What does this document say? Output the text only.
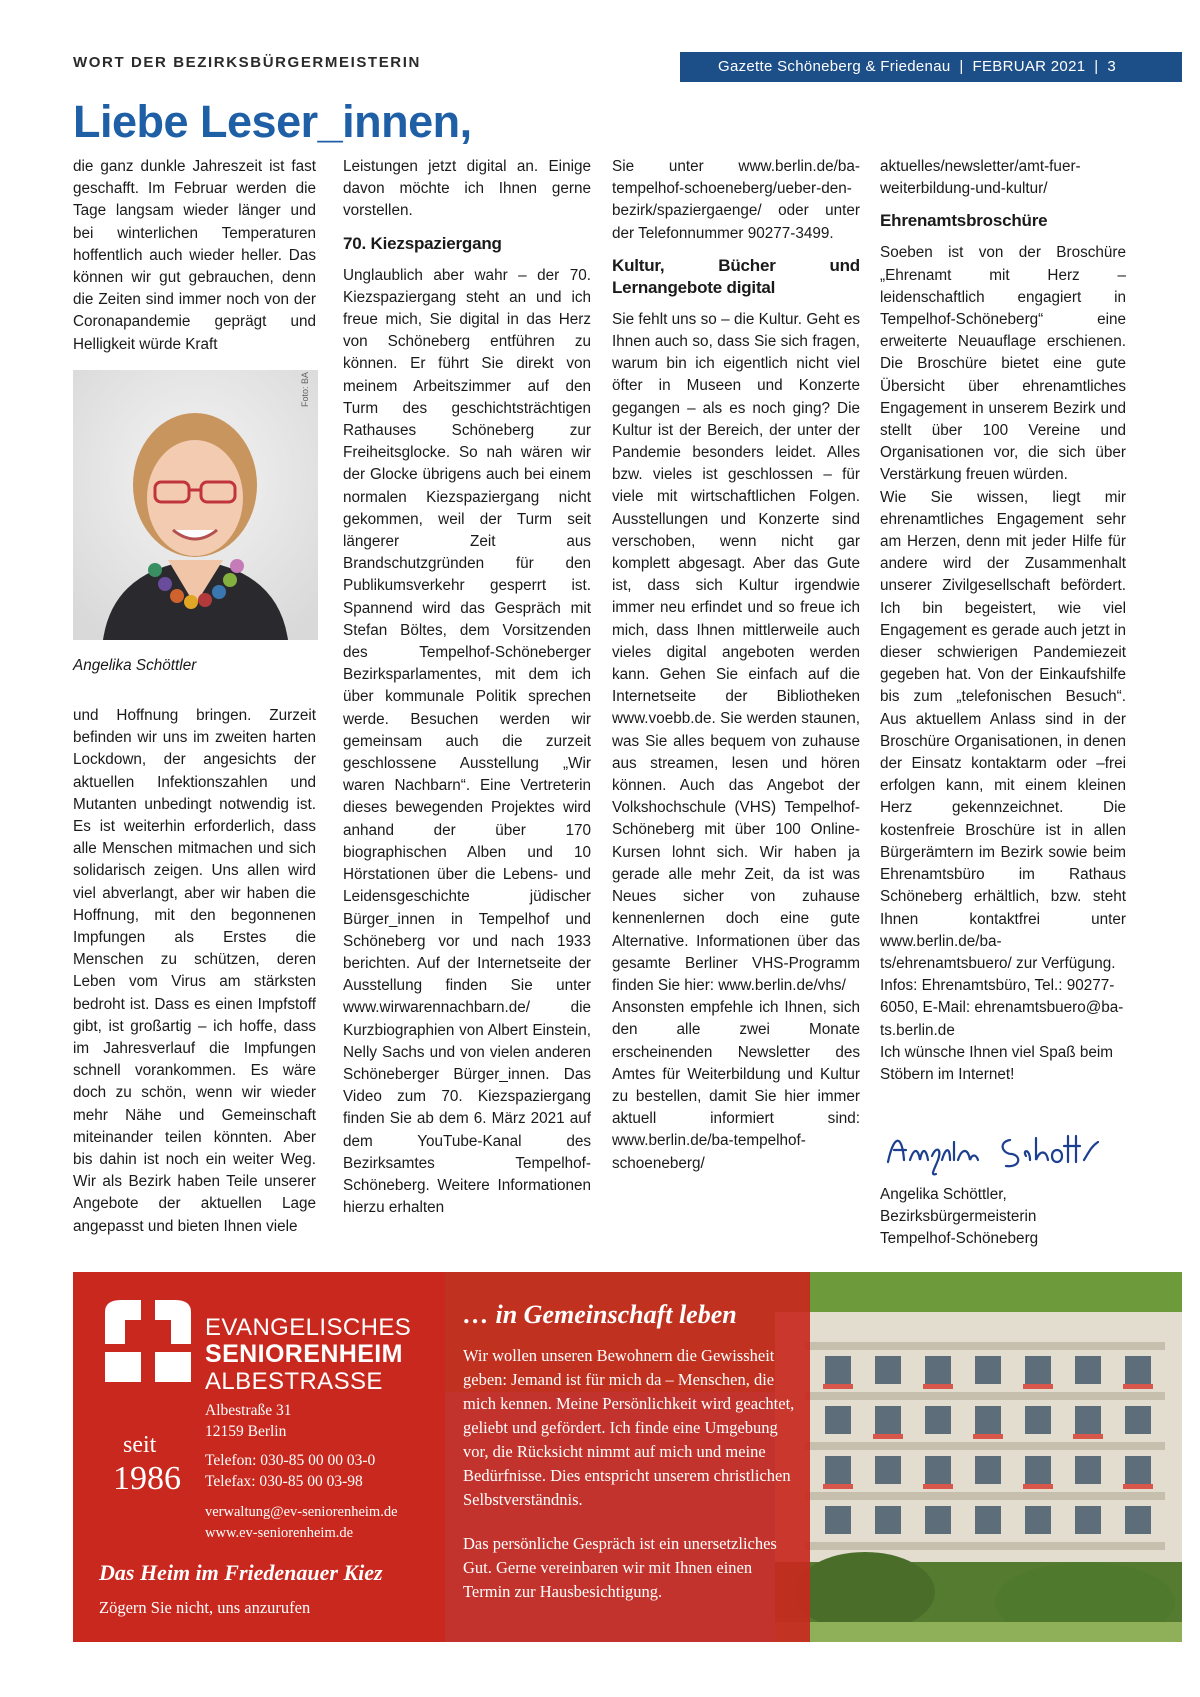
WORT DER BEZIRKSBÜRGERMEISTERIN	Gazette Schöneberg & Friedenau  |  FEBRUAR 2021  |  3
Liebe Leser_innen,
die ganz dunkle Jahreszeit ist fast geschafft. Im Februar werden die Tage langsam wieder länger und bei winterlichen Temperaturen hoffentlich auch wieder heller. Das können wir gut gebrauchen, denn die Zeiten sind immer noch von der Coronapandemie geprägt und Helligkeit würde Kraft
Foto: BA
Angelika Schöttler
und Hoffnung bringen. Zurzeit befinden wir uns im zweiten harten Lockdown, der angesichts der aktuellen Infektionszahlen und Mutanten unbedingt notwendig ist. Es ist weiterhin erforderlich, dass alle Menschen mitmachen und sich solidarisch zeigen. Uns allen wird viel abverlangt, aber wir haben die Hoffnung, mit den begonnenen Impfungen als Erstes die Menschen zu schützen, deren Leben vom Virus am stärksten bedroht ist. Dass es einen Impfstoff gibt, ist großartig – ich hoffe, dass im Jahresverlauf die Impfungen schnell vorankommen. Es wäre doch zu schön, wenn wir wieder mehr Nähe und Gemeinschaft miteinander teilen könnten. Aber bis dahin ist noch ein weiter Weg. Wir als Bezirk haben Teile unserer Angebote der aktuellen Lage angepasst und bieten Ihnen viele

Leistungen jetzt digital an. Einige davon möchte ich Ihnen gerne vorstellen.

70. Kiezspaziergang

Unglaublich aber wahr – der 70. Kiezspaziergang steht an und ich freue mich, Sie digital in das Herz von Schöneberg entführen zu können. Er führt Sie direkt von meinem Arbeitszimmer auf den Turm des geschichtsträchtigen Rathauses Schöneberg zur Freiheitsglocke. So nah wären wir der Glocke übrigens auch bei einem normalen Kiezspaziergang nicht gekommen, weil der Turm seit längerer Zeit aus Brandschutzgründen für den Publikumsverkehr gesperrt ist. Spannend wird das Gespräch mit Stefan Böltes, dem Vorsitzenden des Tempelhof-Schöneberger Bezirksparlamentes, mit dem ich über kommunale Politik sprechen werde. Besuchen werden wir gemeinsam auch die zurzeit geschlossene Ausstellung „Wir waren Nachbarn“. Eine Vertreterin dieses bewegenden Projektes wird anhand der über 170 biographischen Alben und 10 Hörstationen über die Lebens- und Leidensgeschichte jüdischer Bürger_innen in Tempelhof und Schöneberg vor und nach 1933 berichten. Auf der Internetseite der Ausstellung finden Sie unter www.wirwarennachbarn.de/ die Kurzbiographien von Albert Einstein, Nelly Sachs und von vielen anderen Schöneberger Bürger_innen. Das Video zum 70. Kiezspaziergang finden Sie ab dem 6. März 2021 auf dem YouTube-Kanal des Bezirksamtes Tempelhof-Schöneberg. Weitere Informationen hierzu erhalten

Sie unter www.berlin.de/ba-tempelhof-schoeneberg/ueber-den-bezirk/spaziergaenge/ oder unter der Telefonnummer 90277-3499.

Kultur, Bücher und Lernangebote digital

Sie fehlt uns so – die Kultur. Geht es Ihnen auch so, dass Sie sich fragen, warum bin ich eigentlich nicht viel öfter in Museen und Konzerte gegangen – als es noch ging? Die Kultur ist der Bereich, der unter der Pandemie besonders leidet. Alles bzw. vieles ist geschlossen – für viele mit wirtschaftlichen Folgen. Ausstellungen und Konzerte sind verschoben, wenn nicht gar komplett abgesagt. Aber das Gute ist, dass sich Kultur irgendwie immer neu erfindet und so freue ich mich, dass Ihnen mittlerweile auch vieles digital angeboten werden kann. Gehen Sie einfach auf die Internetseite der Bibliotheken www.voebb.de. Sie werden staunen, was Sie alles bequem von zuhause aus streamen, lesen und hören können. Auch das Angebot der Volkshochschule (VHS) Tempelhof- Schöneberg mit über 100 Online-Kursen lohnt sich. Wir haben ja gerade alle mehr Zeit, da ist was Neues sicher von zuhause kennenlernen doch eine gute Alternative. Informationen über das gesamte Berliner VHS-Programm finden Sie hier: www.berlin.de/vhs/

Ansonsten empfehle ich Ihnen, sich den alle zwei Monate erscheinenden Newsletter des Amtes für Weiterbildung und Kultur zu bestellen, damit Sie hier immer aktuell informiert sind: www.berlin.de/ba-tempelhof-schoeneberg/

aktuelles/newsletter/amt-fuer-weiterbildung-und-kultur/

Ehrenamtsbroschüre

Soeben ist von der Broschüre „Ehrenamt mit Herz – leidenschaftlich engagiert in Tempelhof-Schöneberg“ eine erweiterte Neuauflage erschienen. Die Broschüre bietet eine gute Übersicht über ehrenamtliches Engagement in unserem Bezirk und stellt über 100 Vereine und Organisationen vor, die sich über Verstärkung freuen würden.

Wie Sie wissen, liegt mir ehrenamtliches Engagement sehr am Herzen, denn mit jeder Hilfe für andere wird der Zusammenhalt unserer Zivilgesellschaft befördert. Ich bin begeistert, wie viel Engagement es gerade auch jetzt in dieser schwierigen Pandemiezeit gegeben hat. Von der Einkaufshilfe bis zum „telefonischen Besuch“. Aus aktuellem Anlass sind in der Broschüre Organisationen, in denen der Einsatz kontaktarm oder –frei erfolgen kann, mit einem kleinen Herz gekennzeichnet. Die kostenfreie Broschüre ist in allen Bürgerämtern im Bezirk sowie beim Ehrenamtsbüro im Rathaus Schöneberg erhältlich, bzw. steht Ihnen kontaktfrei unter www.berlin.de/ba- ts/ehrenamtsbuero/ zur Verfügung.

Infos: Ehrenamtsbüro, Tel.: 90277-6050, E-Mail: ehrenamtsbuero@ba-ts.berlin.de

Ich wünsche Ihnen viel Spaß beim Stöbern im Internet!

Angelika Schöttler,
Bezirksbürgermeisterin
Tempelhof-Schöneberg
EVANGELISCHES
SENIORENHEIM
ALBESTRASSE
seit
1986
Albestraße 31
12159 Berlin
Telefon: 030-85 00 00 03-0
Telefax: 030-85 00 03-98
verwaltung@ev-seniorenheim.de
www.ev-seniorenheim.de
Das Heim im Friedenauer Kiez
Zögern Sie nicht, uns anzurufen
… in Gemeinschaft leben
Wir wollen unseren Bewohnern die Gewissheit geben: Jemand ist für mich da – Menschen, die mich kennen. Meine Persönlichkeit wird geachtet, geliebt und gefördert. Ich finde eine Umgebung vor, die Rücksicht nimmt auf mich und meine Bedürfnisse. Dies entspricht unserem christlichen Selbstverständnis.
Das persönliche Gespräch ist ein unersetzliches Gut. Gerne vereinbaren wir mit Ihnen einen Termin zur Hausbesichtigung.
